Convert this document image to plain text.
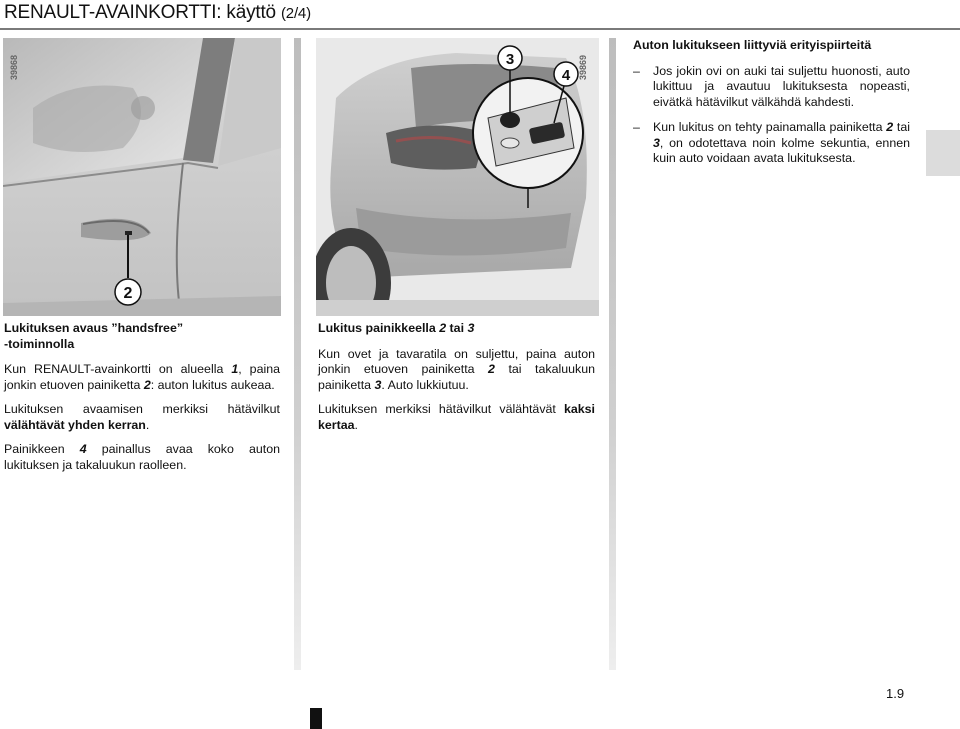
RENAULT-AVAINKORTTI: käyttö (2/4)
2
39868	3
4 39869
Lukituksen avaus ”handsfree”
-toiminnolla

Kun RENAULT-avainkortti on alueella 1, paina jonkin etuoven painiketta 2: auton lukitus aukeaa.

Lukituksen avaamisen merkiksi hätävilkut välähtävät yhden kerran.

Painikkeen 4 painallus avaa koko auton lukituksen ja takaluukun raolleen.

Lukitus painikkeella 2 tai 3

Kun ovet ja tavaratila on suljettu, paina auton jonkin etuoven painiketta 2 tai takaluukun painiketta 3. Auto lukkiutuu.

Lukituksen merkiksi hätävilkut välähtävät kaksi kertaa.

Auton lukitukseen liittyviä erityispiirteitä
– Jos jokin ovi on auki tai suljettu huonosti, auto lukittuu ja avautuu lukituksesta nopeasti, eivätkä hätävilkut välkähdä kahdesti.
– Kun lukitus on tehty painamalla painiketta 2 tai 3, on odotettava noin kolme sekuntia, ennen kuin auto voidaan avata lukituksesta.
1.9
